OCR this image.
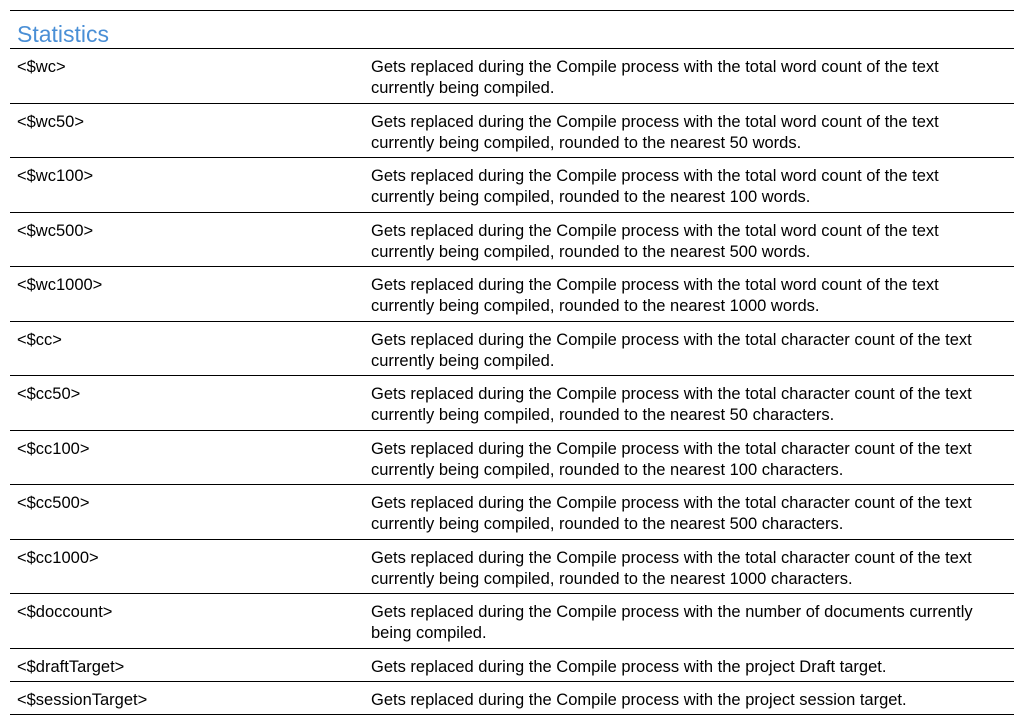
Statistics
<$wc>	Gets replaced during the Compile process with the total word count of the text currently being compiled.
<$wc50>	Gets replaced during the Compile process with the total word count of the text currently being compiled, rounded to the nearest 50 words.
<$wc100>	Gets replaced during the Compile process with the total word count of the text currently being compiled, rounded to the nearest 100 words.
<$wc500>	Gets replaced during the Compile process with the total word count of the text currently being compiled, rounded to the nearest 500 words.
<$wc1000>	Gets replaced during the Compile process with the total word count of the text currently being compiled, rounded to the nearest 1000 words.
<$cc>	Gets replaced during the Compile process with the total character count of the text currently being compiled.
<$cc50>	Gets replaced during the Compile process with the total character count of the text currently being compiled, rounded to the nearest 50 characters.
<$cc100>	Gets replaced during the Compile process with the total character count of the text currently being compiled, rounded to the nearest 100 characters.
<$cc500>	Gets replaced during the Compile process with the total character count of the text currently being compiled, rounded to the nearest 500 characters.
<$cc1000>	Gets replaced during the Compile process with the total character count of the text currently being compiled, rounded to the nearest 1000 characters.
<$doccount>	Gets replaced during the Compile process with the number of documents currently being compiled.
<$draftTarget>	Gets replaced during the Compile process with the project Draft target.
<$sessionTarget>	Gets replaced during the Compile process with the project session target.
